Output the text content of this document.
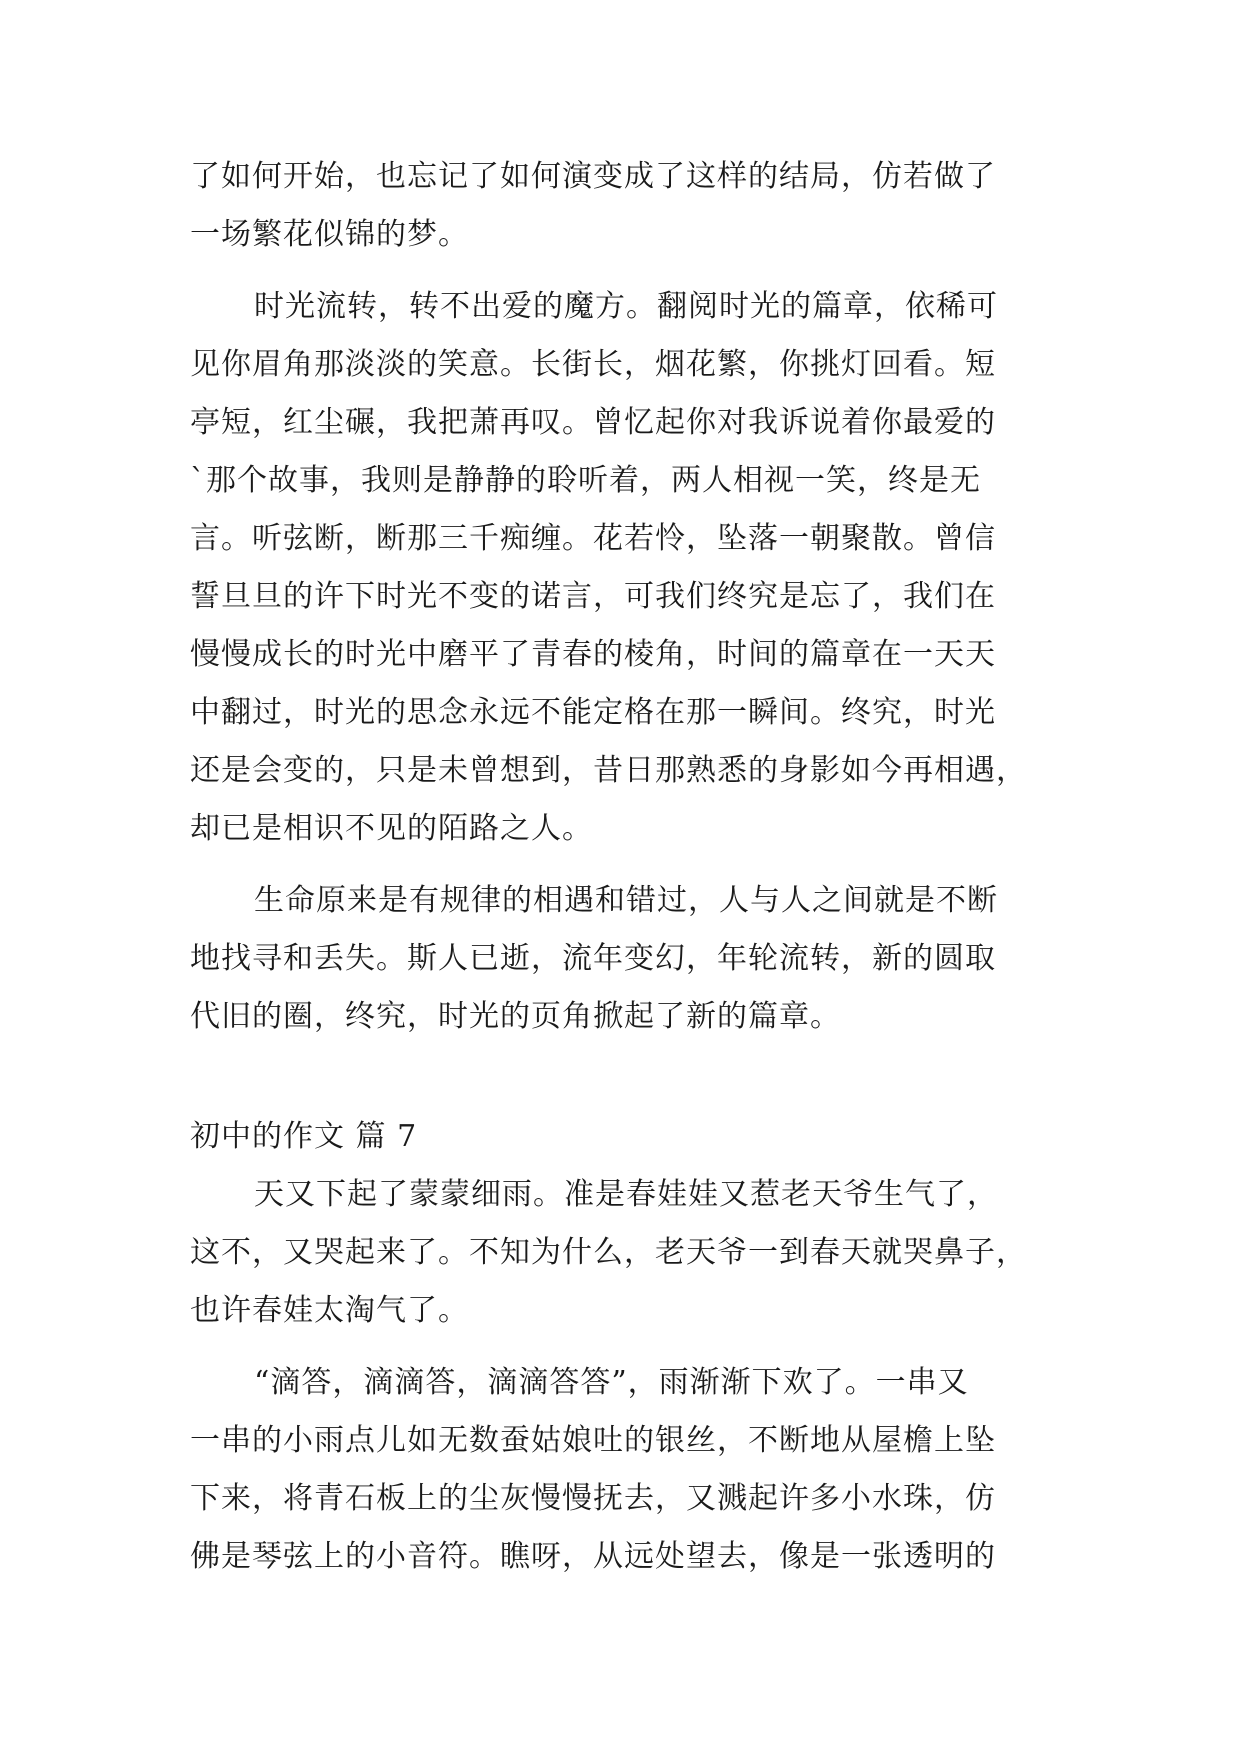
了如何开始，也忘记了如何演变成了这样的结局，仿若做了
一场繁花似锦的梦。
时光流转，转不出爱的魔方。翻阅时光的篇章，依稀可
见你眉角那淡淡的笑意。长街长，烟花繁，你挑灯回看。短
亭短，红尘碾，我把萧再叹。曾忆起你对我诉说着你最爱的
`那个故事，我则是静静的聆听着，两人相视一笑，终是无
言。听弦断，断那三千痴缠。花若怜，坠落一朝聚散。曾信
誓旦旦的许下时光不变的诺言，可我们终究是忘了，我们在
慢慢成长的时光中磨平了青春的棱角，时间的篇章在一天天
中翻过，时光的思念永远不能定格在那一瞬间。终究，时光
还是会变的，只是未曾想到，昔日那熟悉的身影如今再相遇，
却已是相识不见的陌路之人。
生命原来是有规律的相遇和错过，人与人之间就是不断
地找寻和丢失。斯人已逝，流年变幻，年轮流转，新的圆取
代旧的圈，终究，时光的页角掀起了新的篇章。
初中的作文 篇 7
天又下起了蒙蒙细雨。准是春娃娃又惹老天爷生气了，
这不，又哭起来了。不知为什么，老天爷一到春天就哭鼻子，
也许春娃太淘气了。
“滴答，滴滴答，滴滴答答”，雨渐渐下欢了。一串又
一串的小雨点儿如无数蚕姑娘吐的银丝，不断地从屋檐上坠
下来，将青石板上的尘灰慢慢抚去，又溅起许多小水珠，仿
佛是琴弦上的小音符。瞧呀，从远处望去，像是一张透明的
